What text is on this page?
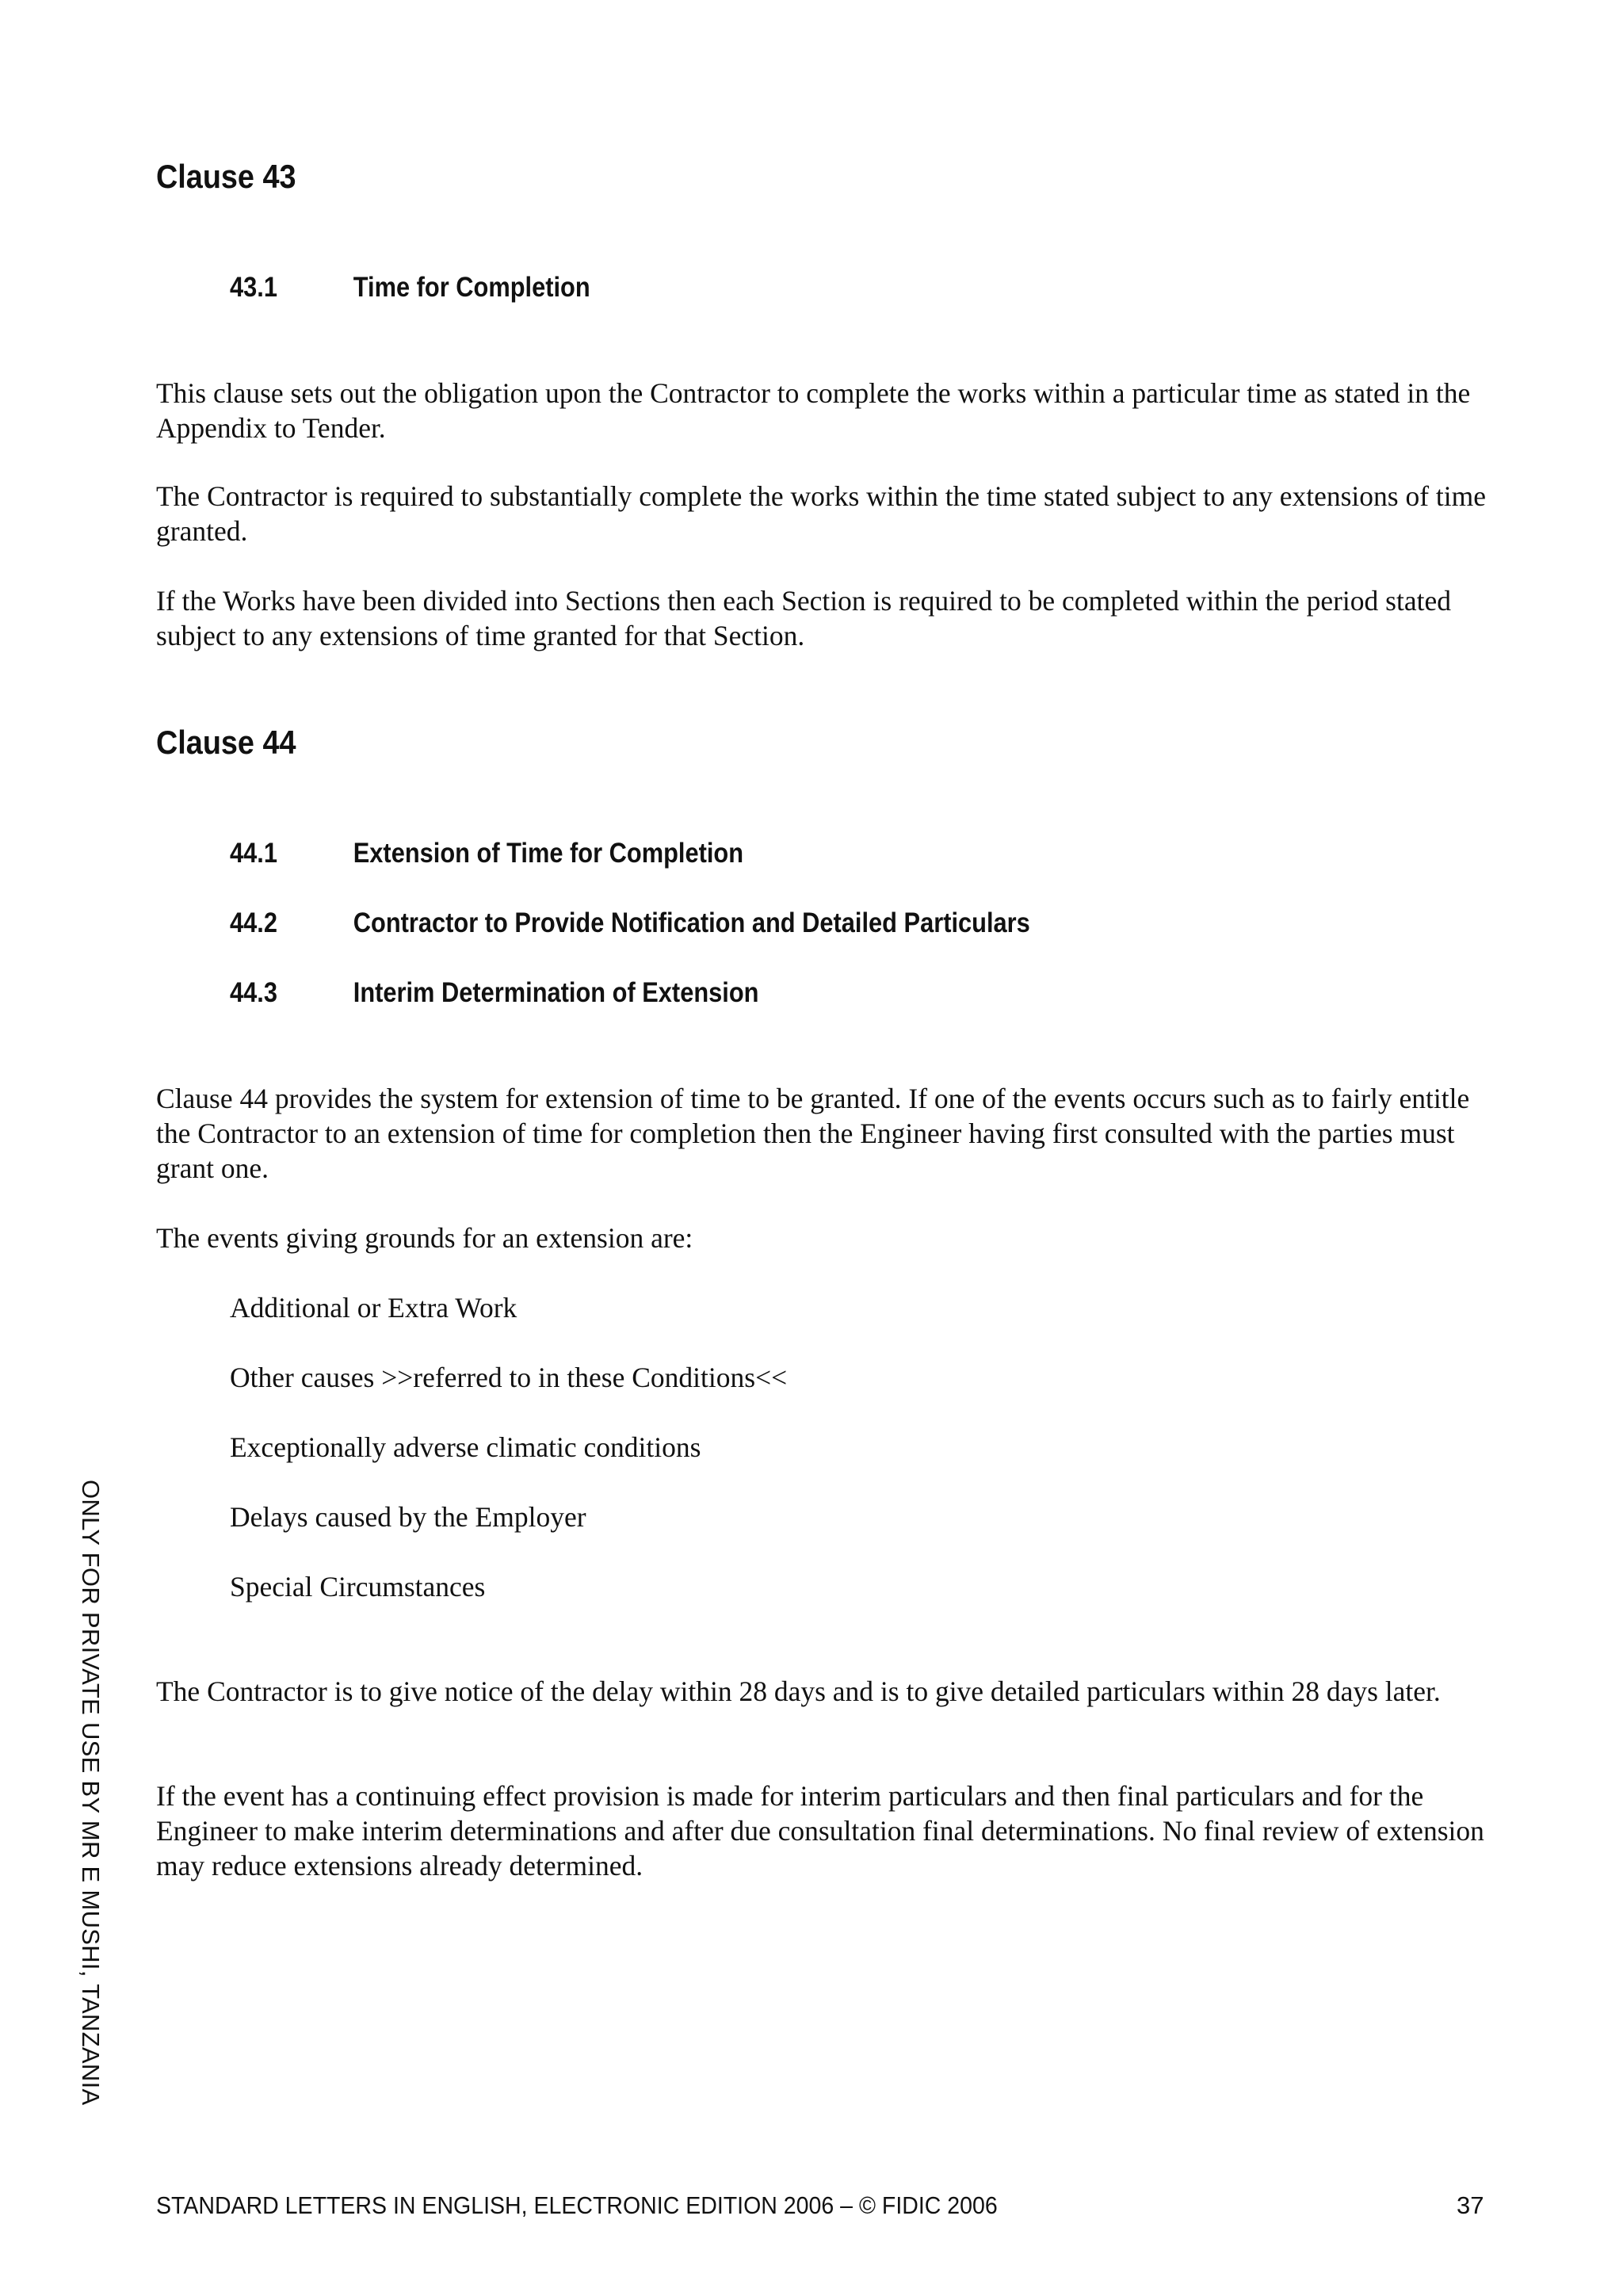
Clause 43
43.1	Time for Completion

This clause sets out the obligation upon the Contractor to complete the works within a particular time as stated in the Appendix to Tender.

The Contractor is required to substantially complete the works within the time stated subject to any extensions of time granted.

If the Works have been divided into Sections then each Section is required to be completed within the period stated subject to any extensions of time granted for that Section.

Clause 44
44.1	Extension of Time for Completion
44.2	Contractor to Provide Notification and Detailed Particulars
44.3	Interim Determination of Extension

Clause 44 provides the system for extension of time to be granted. If one of the events occurs such as to fairly entitle the Contractor to an extension of time for completion then the Engineer having first consulted with the parties must grant one.

The events giving grounds for an extension are:

Additional or Extra Work

Other causes >>referred to in these Conditions<<

Exceptionally adverse climatic conditions

Delays caused by the Employer

Special Circumstances

The Contractor is to give notice of the delay within 28 days and is to give detailed particulars within 28 days later.

If the event has a continuing effect provision is made for interim particulars and then final particulars and for the Engineer to make interim determinations and after due consultation final determinations. No final review of extension may reduce extensions already determined.

ONLY FOR PRIVATE USE BY MR E MUSHI, TANZANIA
STANDARD LETTERS IN ENGLISH, ELECTRONIC EDITION 2006 – © FIDIC 2006	37
